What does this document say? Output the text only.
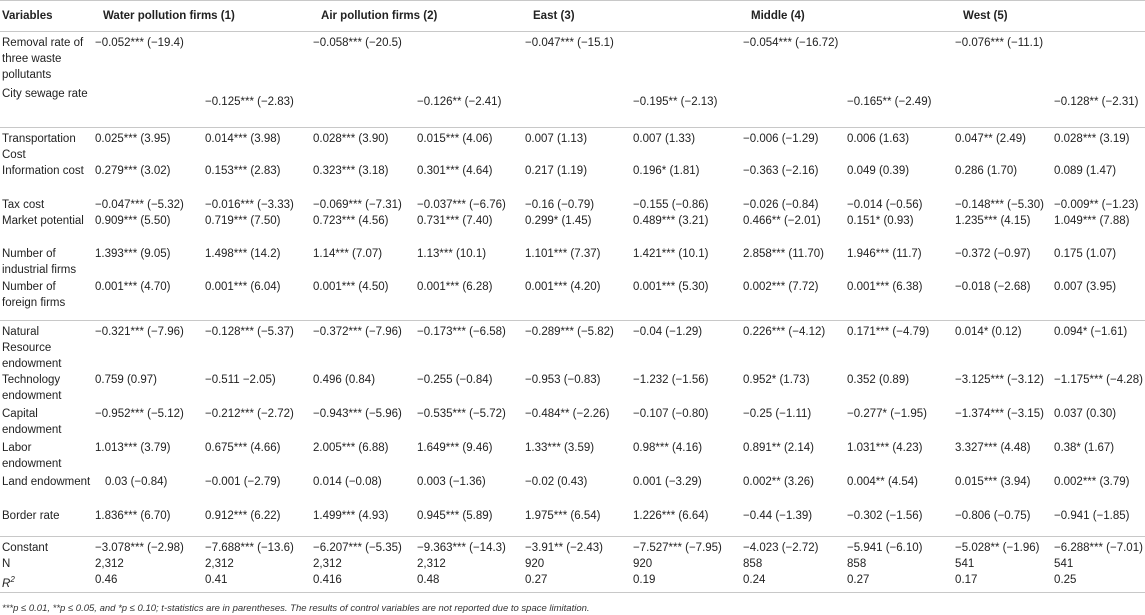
Variables	Water pollution firms (1)		Air pollution firms (2)		East (3)		Middle (4)		West (5)	
Removal rate of three waste pollutants	−0.052*** (−19.4)		−0.058*** (−20.5)		−0.047*** (−15.1)		−0.054*** (−16.72)		−0.076*** (−11.1)	
City sewage rate		−0.125*** (−2.83)		−0.126** (−2.41)		−0.195** (−2.13)		−0.165** (−2.49)		−0.128** (−2.31)
Transportation Cost	0.025*** (3.95)	0.014*** (3.98)	0.028*** (3.90)	0.015*** (4.06)	0.007 (1.13)	0.007 (1.33)	−0.006 (−1.29)	0.006 (1.63)	0.047** (2.49)	0.028*** (3.19)
Information cost	0.279*** (3.02)	0.153*** (2.83)	0.323*** (3.18)	0.301*** (4.64)	0.217 (1.19)	0.196* (1.81)	−0.363 (−2.16)	0.049 (0.39)	0.286 (1.70)	0.089 (1.47)
Tax cost	−0.047*** (−5.32)	−0.016*** (−3.33)	−0.069*** (−7.31)	−0.037*** (−6.76)	−0.16 (−0.79)	−0.155 (−0.86)	−0.026 (−0.84)	−0.014 (−0.56)	−0.148*** (−5.30)	−0.009** (−1.23)
Market potential	0.909*** (5.50)	0.719*** (7.50)	0.723*** (4.56)	0.731*** (7.40)	0.299* (1.45)	0.489*** (3.21)	0.466** (−2.01)	0.151* (0.93)	1.235*** (4.15)	1.049*** (7.88)
Number of industrial firms	1.393*** (9.05)	1.498*** (14.2)	1.14*** (7.07)	1.13*** (10.1)	1.101*** (7.37)	1.421*** (10.1)	2.858*** (11.70)	1.946*** (11.7)	−0.372 (−0.97)	0.175 (1.07)
Number of foreign firms	0.001*** (4.70)	0.001*** (6.04)	0.001*** (4.50)	0.001*** (6.28)	0.001*** (4.20)	0.001*** (5.30)	0.002*** (7.72)	0.001*** (6.38)	−0.018 (−2.68)	0.007 (3.95)
Natural Resource endowment	−0.321*** (−7.96)	−0.128*** (−5.37)	−0.372*** (−7.96)	−0.173*** (−6.58)	−0.289*** (−5.82)	−0.04 (−1.29)	0.226*** (−4.12)	0.171*** (−4.79)	0.014* (0.12)	0.094* (−1.61)
Technology endowment	0.759 (0.97)	−0.511 −2.05)	0.496 (0.84)	−0.255 (−0.84)	−0.953 (−0.83)	−1.232 (−1.56)	0.952* (1.73)	0.352 (0.89)	−3.125*** (−3.12)	−1.175*** (−4.28)
Capital endowment	−0.952*** (−5.12)	−0.212*** (−2.72)	−0.943*** (−5.96)	−0.535*** (−5.72)	−0.484** (−2.26)	−0.107 (−0.80)	−0.25 (−1.11)	−0.277* (−1.95)	−1.374*** (−3.15)	0.037 (0.30)
Labor endowment	1.013*** (3.79)	0.675*** (4.66)	2.005*** (6.88)	1.649*** (9.46)	1.33*** (3.59)	0.98*** (4.16)	0.891** (2.14)	1.031*** (4.23)	3.327*** (4.48)	0.38* (1.67)
Land endowment	0.03 (−0.84)	−0.001 (−2.79)	0.014 (−0.08)	0.003 (−1.36)	−0.02 (0.43)	0.001 (−3.29)	0.002** (3.26)	0.004** (4.54)	0.015*** (3.94)	0.002*** (3.79)
Border rate	1.836*** (6.70)	0.912*** (6.22)	1.499*** (4.93)	0.945*** (5.89)	1.975*** (6.54)	1.226*** (6.64)	−0.44 (−1.39)	−0.302 (−1.56)	−0.806 (−0.75)	−0.941 (−1.85)
Constant	−3.078*** (−2.98)	−7.688*** (−13.6)	−6.207*** (−5.35)	−9.363*** (−14.3)	−3.91** (−2.43)	−7.527*** (−7.95)	−4.023 (−2.72)	−5.941 (−6.10)	−5.028** (−1.96)	−6.288*** (−7.01)
N	2,312	2,312	2,312	2,312	920	920	858	858	541	541
$R^2$	0.46	0.41	0.416	0.48	0.27	0.19	0.24	0.27	0.17	0.25
***p ≤ 0.01, **p ≤ 0.05, and *p ≤ 0.10; t-statistics are in parentheses. The results of control variables are not reported due to space limitation.
